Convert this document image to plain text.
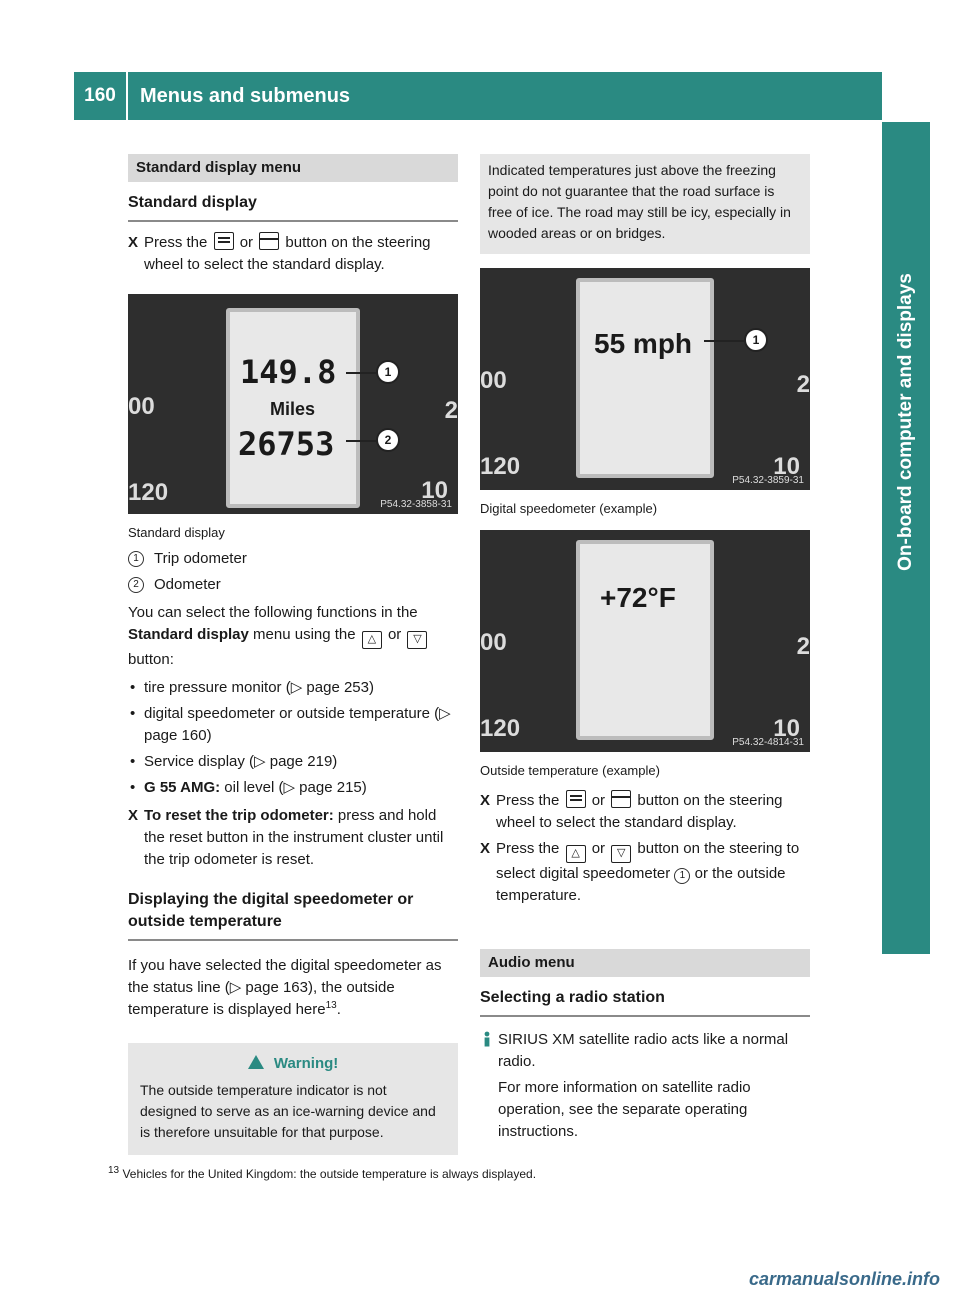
160	Menus and submenus
On-board computer and displays
Standard display menu
Standard display
X Press the or button on the steering wheel to select the standard display.
00
120
2
10
149.8
Miles
26753
1
2
P54.32-3858-31
Standard display
1	Trip odometer
2	Odometer
You can select the following functions in the Standard display menu using the △ or ▽ button:
• tire pressure monitor (▷ page 253)
• digital speedometer or outside temperature (▷ page 160)
• Service display (▷ page 219)
• G 55 AMG: oil level (▷ page 215)
X To reset the trip odometer: press and hold the reset button in the instrument cluster until the trip odometer is reset.
Displaying the digital speedometer or outside temperature
If you have selected the digital speedometer as the status line (▷ page 163), the outside temperature is displayed here$^{13}$.
Warning!
The outside temperature indicator is not designed to serve as an ice-warning device and is therefore unsuitable for that purpose.
Indicated temperatures just above the freezing point do not guarantee that the road surface is free of ice. The road may still be icy, especially in wooded areas or on bridges.
00
120
2
10
55 mph	1
P54.32-3859-31
Digital speedometer (example)
00
120
2
10
+72°F
P54.32-4814-31
Outside temperature (example)
X Press the or button on the steering wheel to select the standard display.
X Press the △ or ▽ button on the steering to select digital speedometer 1 or the outside temperature.
Audio menu
Selecting a radio station
SIRIUS XM satellite radio acts like a normal radio.
For more information on satellite radio operation, see the separate operating instructions.
$^{13}$ Vehicles for the United Kingdom: the outside temperature is always displayed.
carmanualsonline.info
